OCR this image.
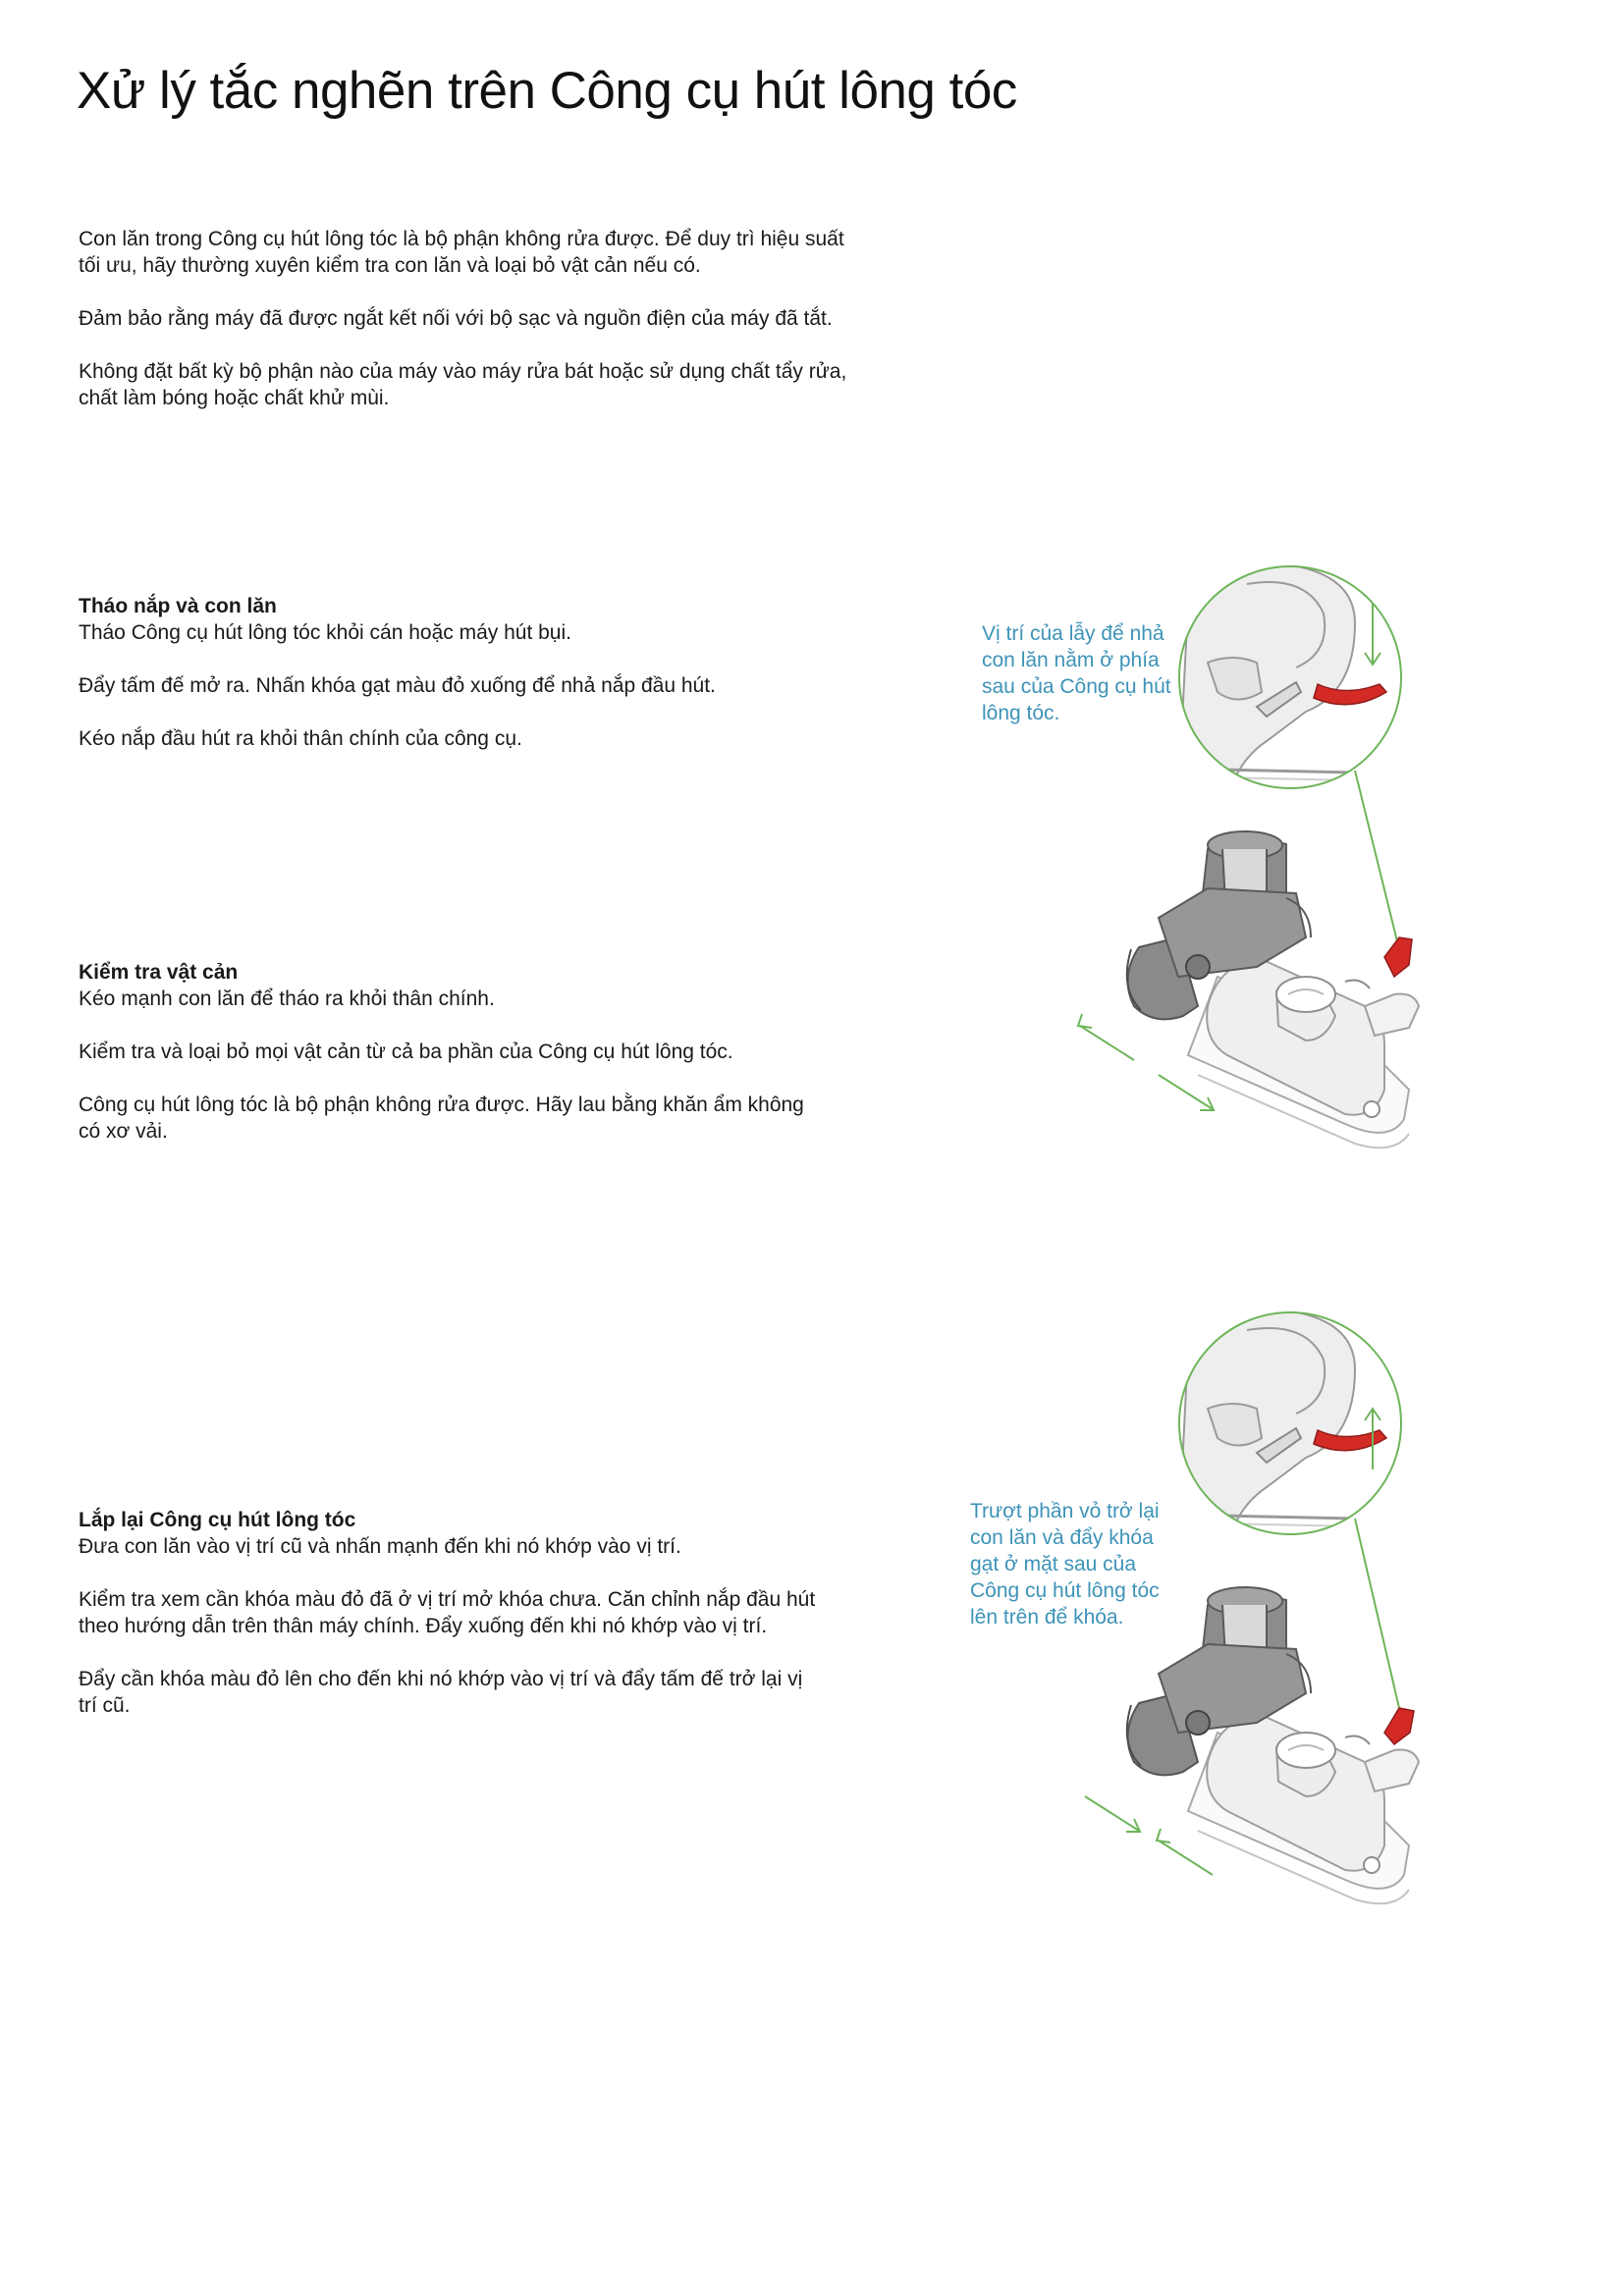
Xử lý tắc nghẽn trên Công cụ hút lông tóc

Con lăn trong Công cụ hút lông tóc là bộ phận không rửa được. Để duy trì hiệu suất tối ưu, hãy thường xuyên kiểm tra con lăn và loại bỏ vật cản nếu có.

Đảm bảo rằng máy đã được ngắt kết nối với bộ sạc và nguồn điện của máy đã tắt.

Không đặt bất kỳ bộ phận nào của máy vào máy rửa bát hoặc sử dụng chất tẩy rửa, chất làm bóng hoặc chất khử mùi.

Tháo nắp và con lăn

Tháo Công cụ hút lông tóc khỏi cán hoặc máy hút bụi.

Đẩy tấm đế mở ra. Nhấn khóa gạt màu đỏ xuống để nhả nắp đầu hút.

Kéo nắp đầu hút ra khỏi thân chính của công cụ.

Kiểm tra vật cản

Kéo mạnh con lăn để tháo ra khỏi thân chính.

Kiểm tra và loại bỏ mọi vật cản từ cả ba phần của Công cụ hút lông tóc.

Công cụ hút lông tóc là bộ phận không rửa được. Hãy lau bằng khăn ẩm không có xơ vải.

Lắp lại Công cụ hút lông tóc

Đưa con lăn vào vị trí cũ và nhấn mạnh đến khi nó khớp vào vị trí.

Kiểm tra xem cần khóa màu đỏ đã ở vị trí mở khóa chưa. Căn chỉnh nắp đầu hút theo hướng dẫn trên thân máy chính. Đẩy xuống đến khi nó khớp vào vị trí.

Đẩy cần khóa màu đỏ lên cho đến khi nó khớp vào vị trí và đẩy tấm đế trở lại vị trí cũ.

Vị trí của lẫy để nhả con lăn nằm ở phía sau của Công cụ hút lông tóc.
Trượt phần vỏ trở lại con lăn và đẩy khóa gạt ở mặt sau của Công cụ hút lông tóc lên trên để khóa.
